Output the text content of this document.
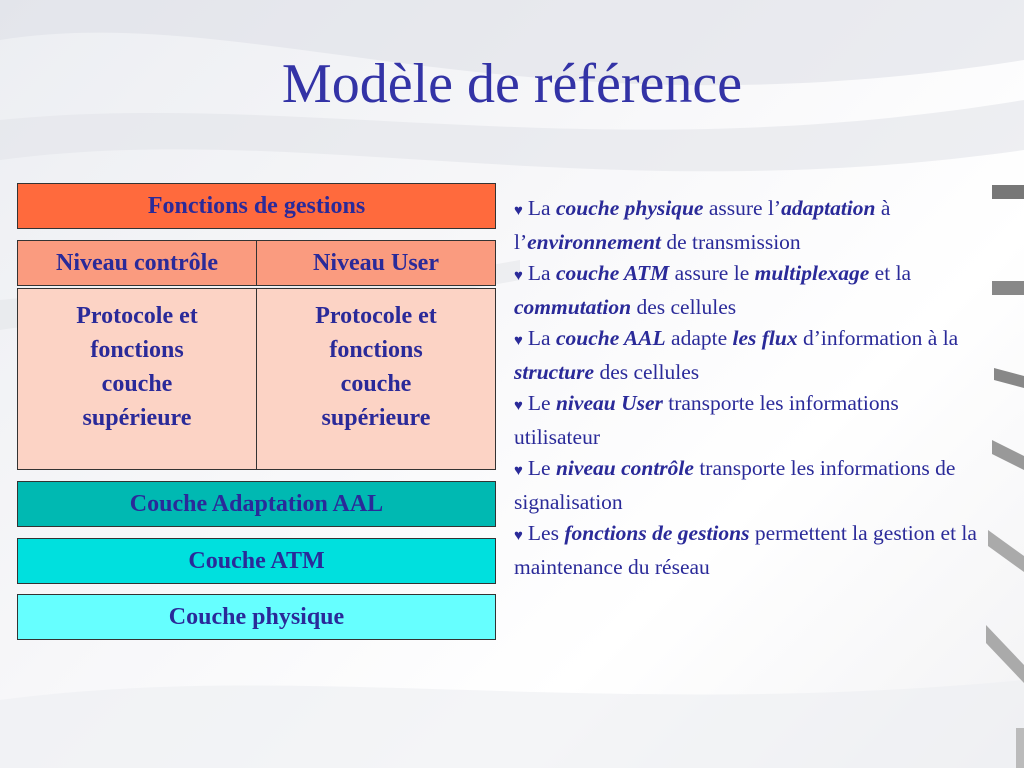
Modèle de référence
Fonctions de gestions
Niveau contrôle	Niveau User
Protocole et
fonctions
couche
supérieure
Protocole et
fonctions
couche
supérieure
Couche Adaptation AAL
Couche ATM
Couche physique
♥ La couche physique assure l’adaptation à l’environnement de transmission
♥ La couche ATM assure le multiplexage et la commutation des cellules
♥ La couche AAL adapte les flux d’information à la structure des cellules
♥ Le niveau User transporte les informations utilisateur
♥ Le niveau contrôle transporte les informations de signalisation
♥ Les fonctions de gestions permettent la gestion et la maintenance du réseau
